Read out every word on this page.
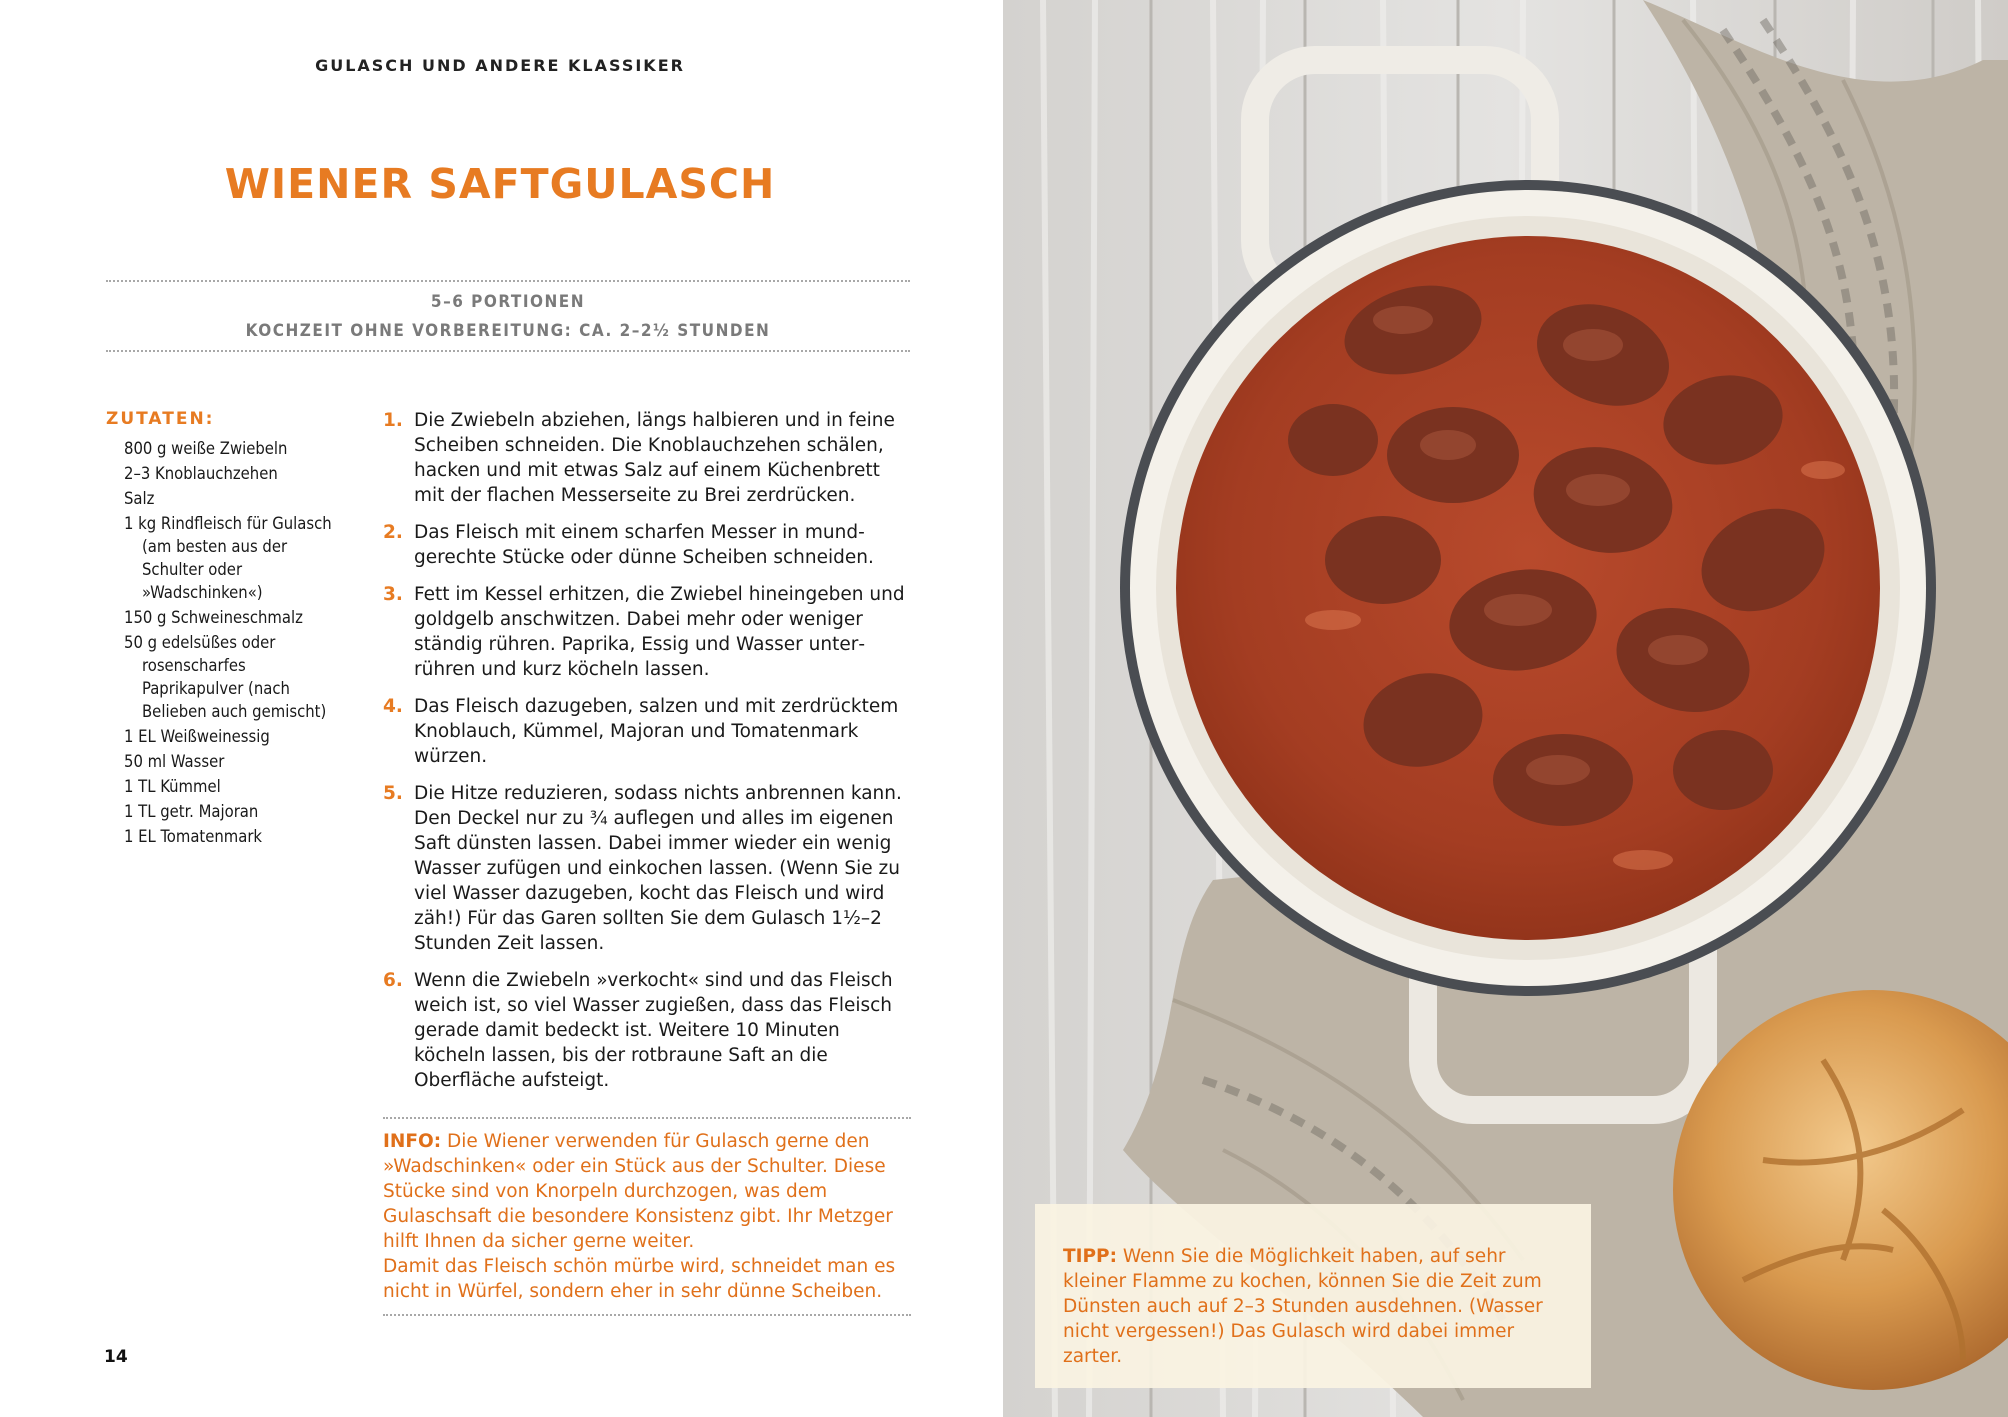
GULASCH UND ANDERE KLASSIKER
WIENER SAFTGULASCH
5–6 PORTIONEN
KOCHZEIT OHNE VORBEREITUNG: CA. 2–2½ STUNDEN
ZUTATEN:
800 g weiße Zwiebeln
2–3 Knoblauchzehen
Salz
1 kg Rindfleisch für Gulasch (am besten aus der Schulter oder »Wadschinken«)
150 g Schweineschmalz
50 g edelsüßes oder rosenscharfes Paprikapulver (nach Belieben auch gemischt)
1 EL Weißweinessig
50 ml Wasser
1 TL Kümmel
1 TL getr. Majoran
1 EL Tomatenmark
1. Die Zwiebeln abziehen, längs halbieren und in feine Scheiben schneiden. Die Knoblauchzehen schälen, hacken und mit etwas Salz auf einem Küchenbrett mit der flachen Messerseite zu Brei zerdrücken.
2. Das Fleisch mit einem scharfen Messer in mundgerechte Stücke oder dünne Scheiben schneiden.
3. Fett im Kessel erhitzen, die Zwiebel hineingeben und goldgelb anschwitzen. Dabei mehr oder weniger ständig rühren. Paprika, Essig und Wasser unterrühren und kurz köcheln lassen.
4. Das Fleisch dazugeben, salzen und mit zerdrücktem Knoblauch, Kümmel, Majoran und Tomatenmark würzen.
5. Die Hitze reduzieren, sodass nichts anbrennen kann. Den Deckel nur zu ¾ auflegen und alles im eigenen Saft dünsten lassen. Dabei immer wieder ein wenig Wasser zufügen und einkochen lassen. (Wenn Sie zu viel Wasser dazugeben, kocht das Fleisch und wird zäh!) Für das Garen sollten Sie dem Gulasch 1½–2 Stunden Zeit lassen.
6. Wenn die Zwiebeln »verkocht« sind und das Fleisch weich ist, so viel Wasser zugießen, dass das Fleisch gerade damit bedeckt ist. Weitere 10 Minuten köcheln lassen, bis der rotbraune Saft an die Oberfläche aufsteigt.
INFO: Die Wiener verwenden für Gulasch gerne den »Wadschinken« oder ein Stück aus der Schulter. Diese Stücke sind von Knorpeln durchzogen, was dem Gulaschsaft die besondere Konsistenz gibt. Ihr Metzger hilft Ihnen da sicher gerne weiter.
Damit das Fleisch schön mürbe wird, schneidet man es nicht in Würfel, sondern eher in sehr dünne Scheiben.
14
TIPP: Wenn Sie die Möglichkeit haben, auf sehr kleiner Flamme zu kochen, können Sie die Zeit zum Dünsten auch auf 2–3 Stunden ausdehnen. (Wasser nicht vergessen!) Das Gulasch wird dabei immer zarter.
